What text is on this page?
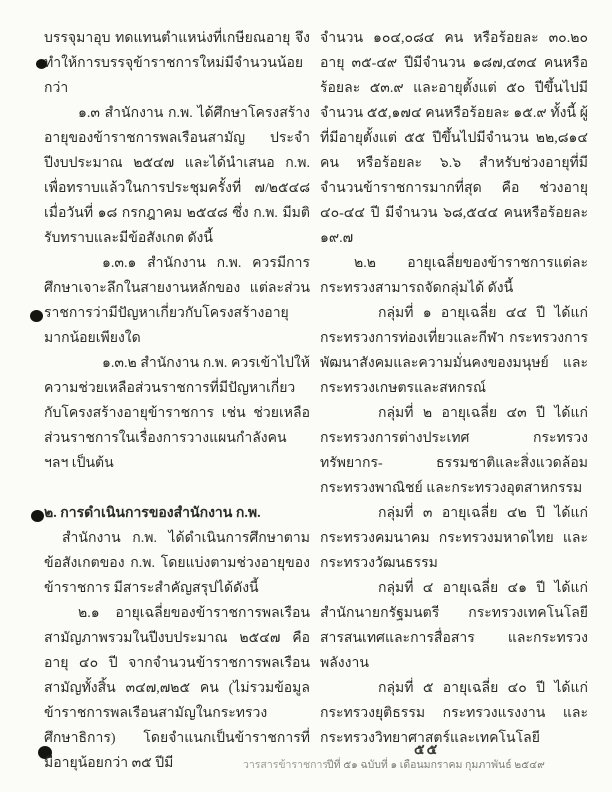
บรรจุมาอุบ ทดแทนตำแหน่งที่เกษียณอายุ จึงทำให้การบรรจุข้าราชการใหม่มีจำนวนน้อยกว่า

๑.๓ สำนักงาน ก.พ. ได้ศึกษาโครงสร้างอายุของข้าราชการพลเรือนสามัญ ประจำปีงบประมาณ ๒๕๔๗ และได้นำเสนอ ก.พ. เพื่อทราบแล้วในการประชุมครั้งที่ ๗/๒๕๔๘ เมื่อวันที่ ๑๘ กรกฎาคม ๒๕๔๘ ซึ่ง ก.พ. มีมติรับทราบและมีข้อสังเกต ดังนี้

๑.๓.๑ สำนักงาน ก.พ. ควรมีการศึกษาเจาะลึกในสายงานหลักของ แต่ละส่วนราชการว่ามีปัญหาเกี่ยวกับโครงสร้างอายุมากน้อยเพียงใด

๑.๓.๒ สำนักงาน ก.พ. ควรเข้าไปให้ความช่วยเหลือส่วนราชการที่มีปัญหาเกี่ยวกับโครงสร้างอายุข้าราชการ เช่น ช่วยเหลือส่วนราชการในเรื่องการวางแผนกำลังคน ฯลฯ เป็นต้น

๒. การดำเนินการของสำนักงาน ก.พ.

สำนักงาน ก.พ. ได้ดำเนินการศึกษาตามข้อสังเกตของ ก.พ. โดยแบ่งตามช่วงอายุของข้าราชการ มีสาระสำคัญสรุปได้ดังนี้

๒.๑ อายุเฉลี่ยของข้าราชการพลเรือนสามัญภาพรวมในปีงบประมาณ ๒๕๔๗ คือ อายุ ๔๐ ปี จากจำนวนข้าราชการพลเรือนสามัญทั้งสิ้น ๓๔๗,๗๒๕ คน (ไม่รวมข้อมูลข้าราชการพลเรือนสามัญในกระทรวงศึกษาธิการ) โดยจำแนกเป็นข้าราชการที่มีอายุน้อยกว่า ๓๕ ปีมี

จำนวน ๑๐๔,๐๘๔ คน หรือร้อยละ ๓๐.๒๐ อายุ ๓๕-๔๙ ปีมีจำนวน ๑๘๗,๔๓๔ คนหรือร้อยละ ๕๓.๙ และอายุตั้งแต่ ๕๐ ปีขึ้นไปมีจำนวน ๕๕,๑๗๔ คนหรือร้อยละ ๑๕.๙ ทั้งนี้ ผู้ที่มีอายุตั้งแต่ ๕๕ ปีขึ้นไปมีจำนวน ๒๒,๘๑๔ คน หรือร้อยละ ๖.๖ สำหรับช่วงอายุที่มีจำนวนข้าราชการมากที่สุด คือ ช่วงอายุ ๔๐-๔๔ ปี มีจำนวน ๖๘,๕๔๔ คนหรือร้อยละ ๑๙.๗

๒.๒ อายุเฉลี่ยของข้าราชการแต่ละกระทรวงสามารถจัดกลุ่มได้ ดังนี้

กลุ่มที่ ๑ อายุเฉลี่ย ๔๔ ปี ได้แก่ กระทรวงการท่องเที่ยวและกีฬา กระทรวงการพัฒนาสังคมและความมั่นคงของมนุษย์ และกระทรวงเกษตรและสหกรณ์

กลุ่มที่ ๒ อายุเฉลี่ย ๔๓ ปี ได้แก่ กระทรวงการต่างประเทศ กระทรวงทรัพยากร- ธรรมชาติและสิ่งแวดล้อม กระทรวงพาณิชย์ และกระทรวงอุตสาหกรรม

กลุ่มที่ ๓ อายุเฉลี่ย ๔๒ ปี ได้แก่ กระทรวงคมนาคม กระทรวงมหาดไทย และกระทรวงวัฒนธรรม

กลุ่มที่ ๔ อายุเฉลี่ย ๔๑ ปี ได้แก่ สำนักนายกรัฐมนตรี กระทรวงเทคโนโลยีสารสนเทศและการสื่อสาร และกระทรวงพลังงาน

กลุ่มที่ ๕ อายุเฉลี่ย ๔๐ ปี ได้แก่ กระทรวงยุติธรรม กระทรวงแรงงาน และกระทรวงวิทยาศาสตร์และเทคโนโลยี

๕๕
วารสารข้าราชการ
ปีที่ ๕๑ ฉบับที่ ๑ เดือนมกราคม กุมภาพันธ์ ๒๕๔๙
